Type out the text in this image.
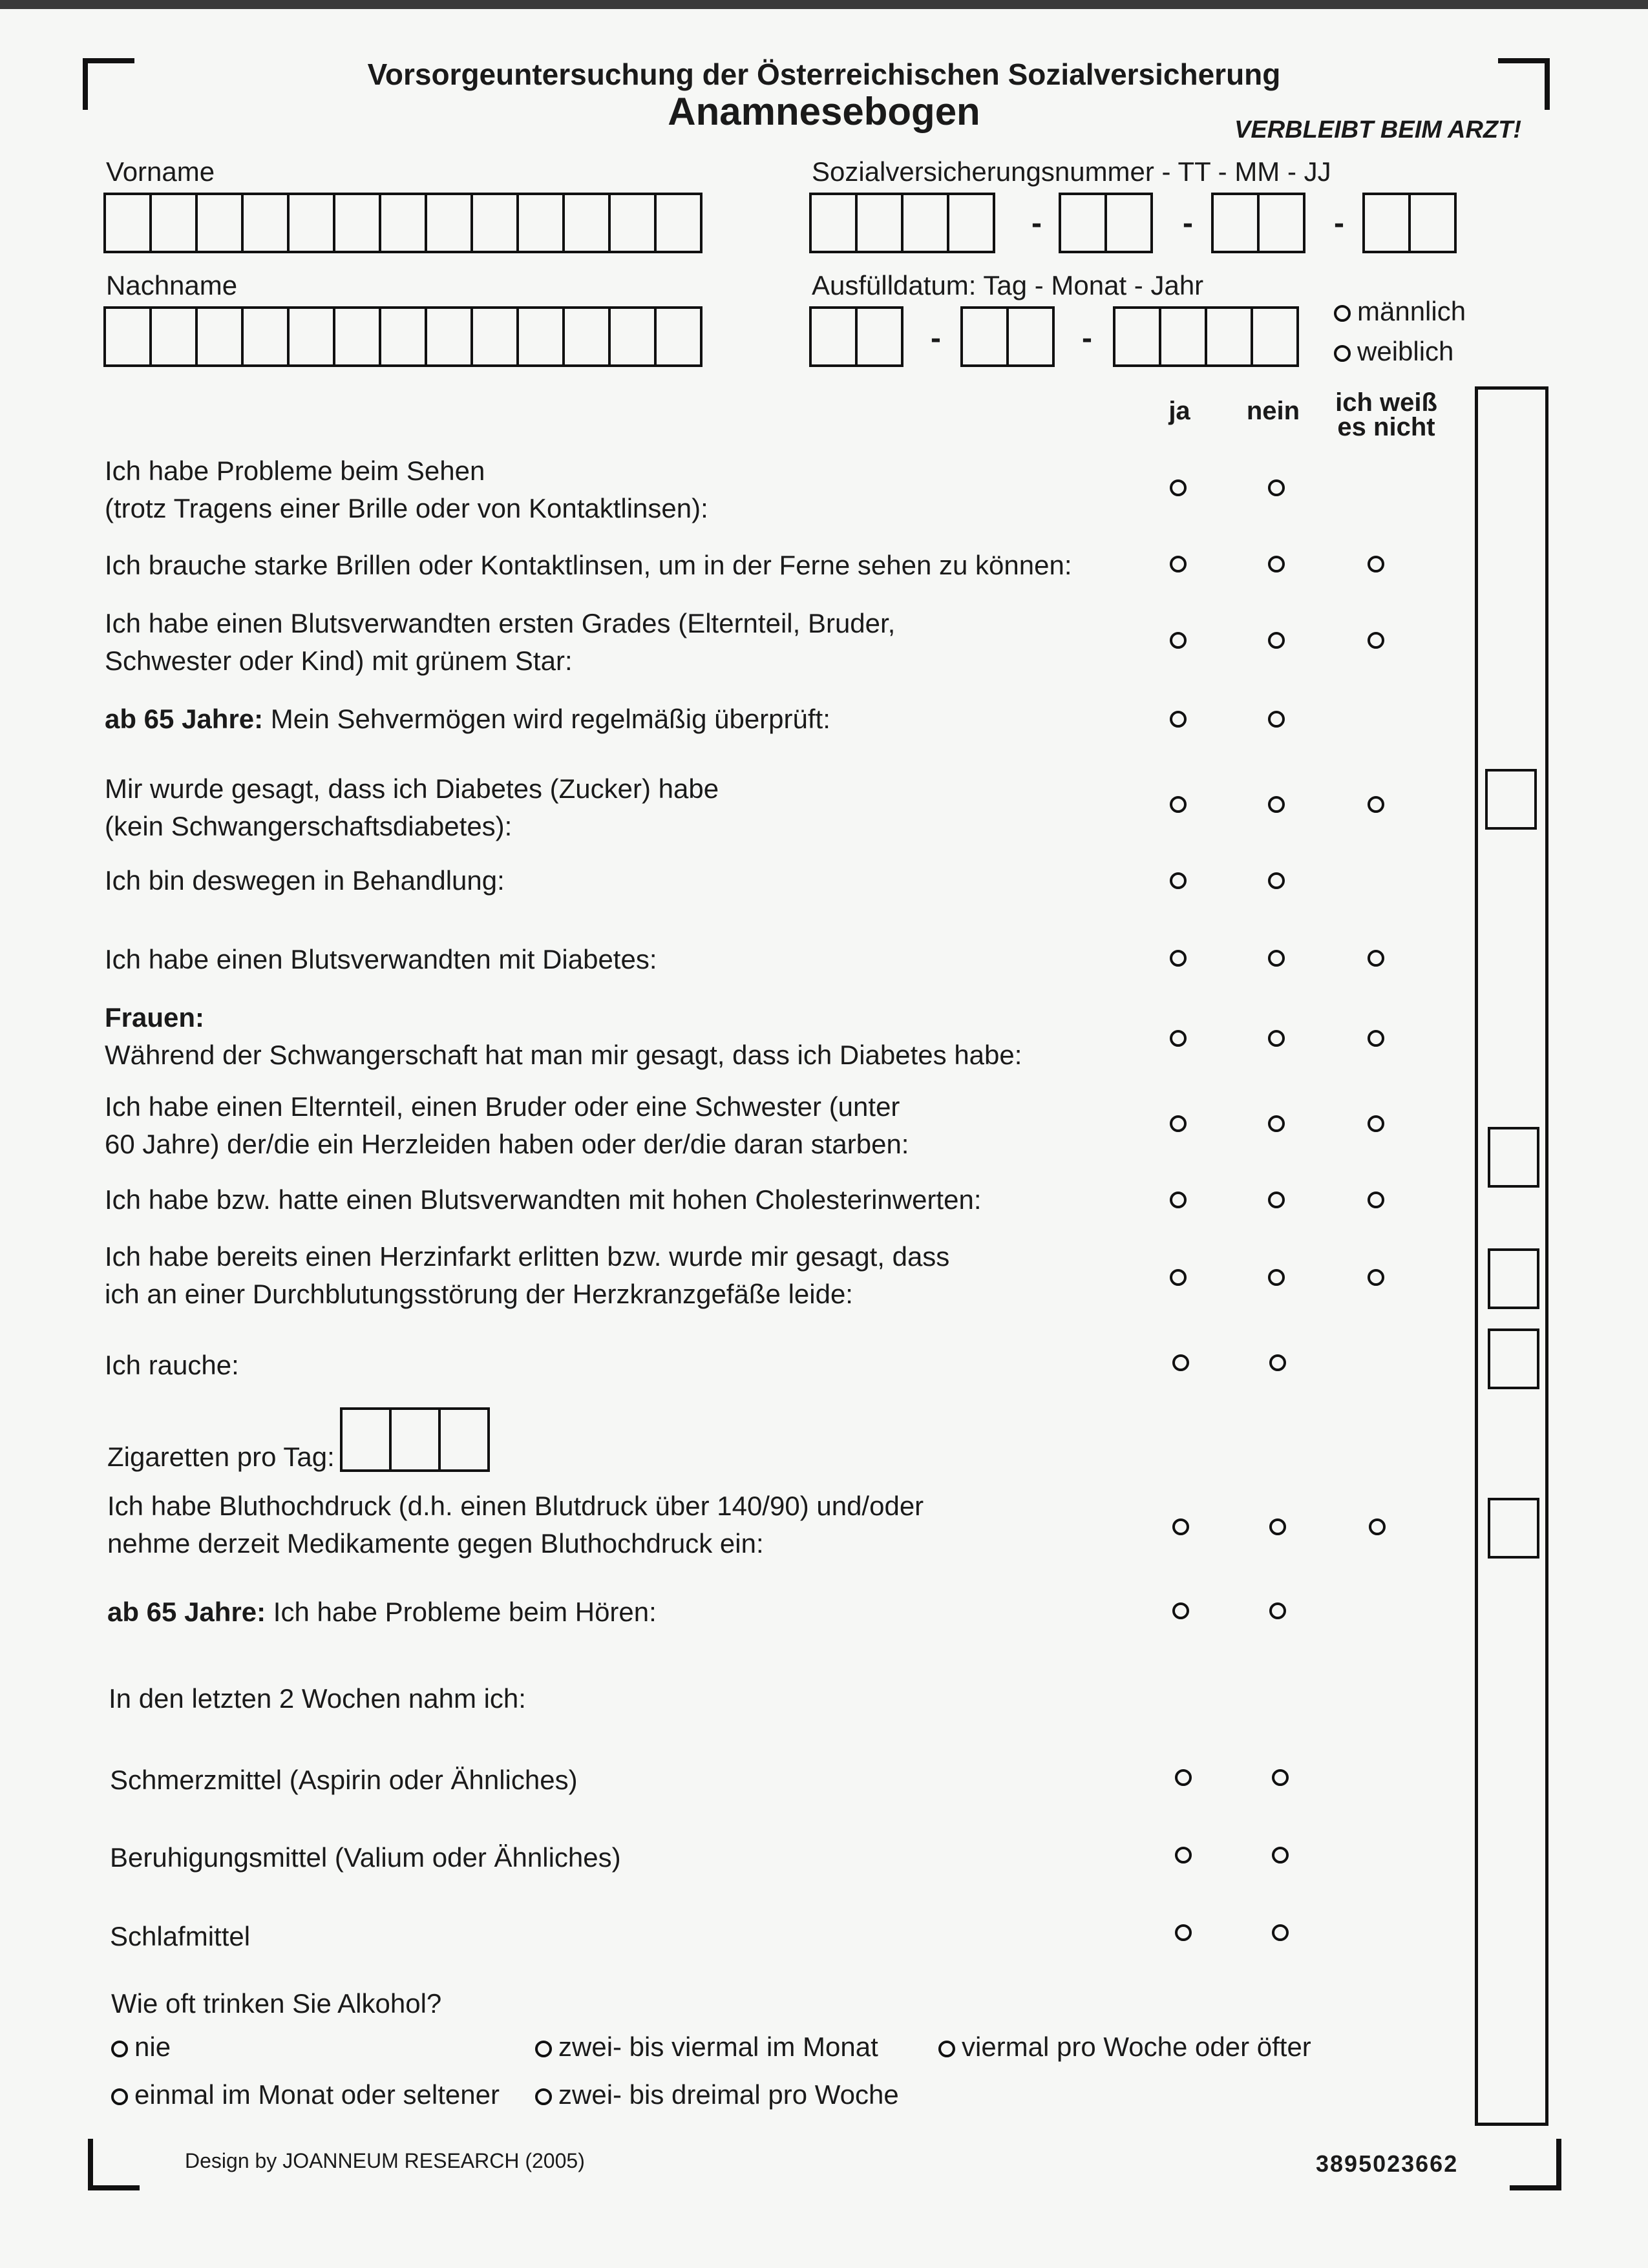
Vorsorgeuntersuchung der Österreichischen Sozialversicherung
Anamnesebogen	VERBLEIBT BEIM ARZT!
Vorname	Sozialversicherungsnummer - TT - MM - JJ
-	-	-
Nachname	Ausfülldatum: Tag - Monat - Jahr
-	-
männlich
weiblich
ja	nein	ich weiß
es nicht
Ich habe Probleme beim Sehen
(trotz Tragens einer Brille oder von Kontaktlinsen):
Ich brauche starke Brillen oder Kontaktlinsen, um in der Ferne sehen zu können:
Ich habe einen Blutsverwandten ersten Grades (Elternteil, Bruder,
Schwester oder Kind) mit grünem Star:
ab 65 Jahre: Mein Sehvermögen wird regelmäßig überprüft:
Mir wurde gesagt, dass ich Diabetes (Zucker) habe
(kein Schwangerschaftsdiabetes):
Ich bin deswegen in Behandlung:
Ich habe einen Blutsverwandten mit Diabetes:
Frauen:
Während der Schwangerschaft hat man mir gesagt, dass ich Diabetes habe:
Ich habe einen Elternteil, einen Bruder oder eine Schwester (unter
60 Jahre) der/die ein Herzleiden haben oder der/die daran starben:
Ich habe bzw. hatte einen Blutsverwandten mit hohen Cholesterinwerten:
Ich habe bereits einen Herzinfarkt erlitten bzw. wurde mir gesagt, dass
ich an einer Durchblutungsstörung der Herzkranzgefäße leide:
Ich rauche:
Zigaretten pro Tag:
Ich habe Bluthochdruck (d.h. einen Blutdruck über 140/90) und/oder
nehme derzeit Medikamente gegen Bluthochdruck ein:
ab 65 Jahre: Ich habe Probleme beim Hören:
In den letzten 2 Wochen nahm ich:
Schmerzmittel (Aspirin oder Ähnliches)
Beruhigungsmittel (Valium oder Ähnliches)
Schlafmittel
Wie oft trinken Sie Alkohol?
nie	zwei- bis viermal im Monat	viermal pro Woche oder öfter
einmal im Monat oder seltener	zwei- bis dreimal pro Woche
Design by JOANNEUM RESEARCH (2005)	3895023662
